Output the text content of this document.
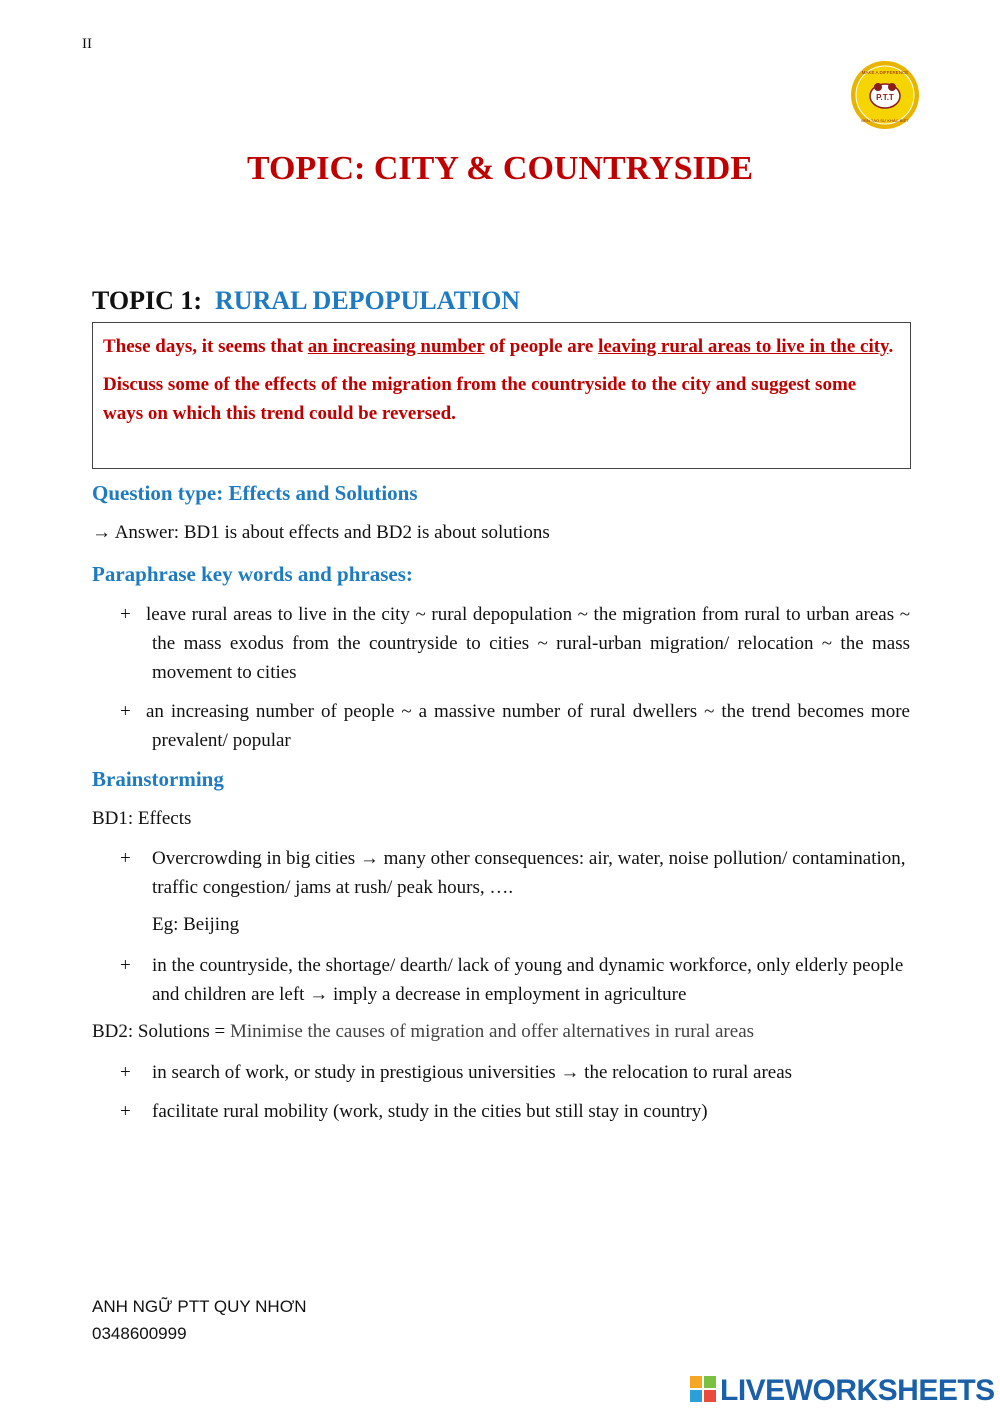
II
P.T.T
MAKE A DIFFERENCE
ĐỂN TẠO SỰ KHÁC BIỆT
TOPIC: CITY & COUNTRYSIDE
TOPIC 1: RURAL DEPOPULATION

These days, it seems that an increasing number of people are leaving rural areas to live in the city.

Discuss some of the effects of the migration from the countryside to the city and suggest some ways on which this trend could be reversed.

Question type: Effects and Solutions
→ Answer: BD1 is about effects and BD2 is about solutions
Paraphrase key words and phrases:
+ leave rural areas to live in the city ~ rural depopulation ~ the migration from rural to urban areas ~ the mass exodus from the countryside to cities ~ rural-urban migration/ relocation ~ the mass movement to cities
+ an increasing number of people ~ a massive number of rural dwellers ~ the trend becomes more prevalent/ popular
Brainstorming
BD1: Effects
+	Overcrowding in big cities → many other consequences: air, water, noise pollution/ contamination, traffic congestion/ jams at rush/ peak hours, ….
Eg: Beijing
+	in the countryside, the shortage/ dearth/ lack of young and dynamic workforce, only elderly people and children are left → imply a decrease in employment in agriculture
BD2: Solutions = Minimise the causes of migration and offer alternatives in rural areas
+	in search of work, or study in prestigious universities → the relocation to rural areas
+	facilitate rural mobility (work, study in the cities but still stay in country)
ANH NGỮ PTT QUY NHƠN
0348600999
LIVEWORKSHEETS
